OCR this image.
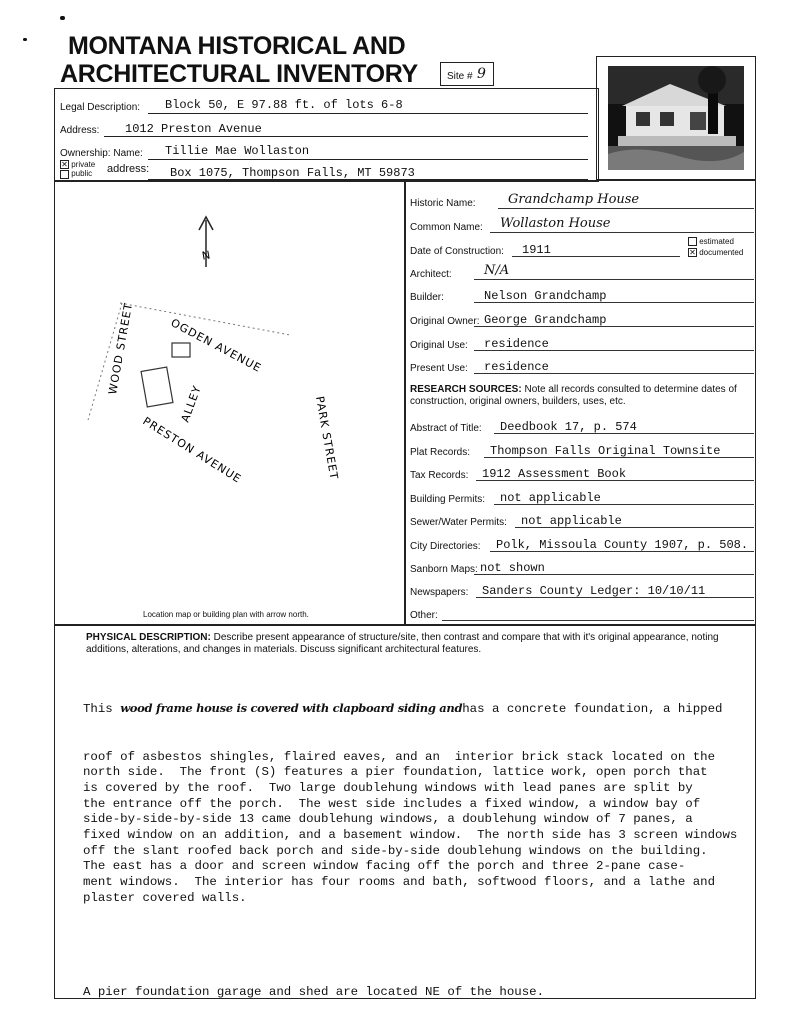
MONTANA HISTORICAL AND
ARCHITECTURAL INVENTORY	Site # 9
Legal Description: Block 50, E 97.88 ft. of lots 6-8
Address: 1012 Preston Avenue
Ownership: Name: Tillie Mae Wollaston
✕ private
public address: Box 1075, Thompson Falls, MT 59873
N
WOOD STREET	OGDEN AVENUE
ALLEY
PRESTON AVENUE	PARK STREET
Location map or building plan with arrow north.
Historic Name: Grandchamp House
Common Name: Wollaston House
Date of Construction: 1911
Architect: N/A
Builder:	Nelson Grandchamp
Original Owner: George Grandchamp
Original Use: residence
Present Use: residence
estimated
✕ documented
RESEARCH SOURCES: Note all records consulted to determine dates of construction, original owners, builders, uses, etc.
Abstract of Title: Deedbook 17, p. 574
Plat Records: Thompson Falls Original Townsite
Tax Records: 1912 Assessment Book
Building Permits: not applicable
Sewer/Water Permits: not applicable
City Directories: Polk, Missoula County 1907, p. 508.
Sanborn Maps: not shown
Newspapers: Sanders County Ledger: 10/10/11
Other:
PHYSICAL DESCRIPTION: Describe present appearance of structure/site, then contrast and compare that with it's original appearance, noting additions, alterations, and changes in materials. Discuss significant architectural features.

This wood frame house is covered with clapboard siding andhas a concrete foundation, a hipped

roof of asbestos shingles, flaired eaves, and an  interior brick stack located on the
north side.  The front (S) features a pier foundation, lattice work, open porch that
is covered by the roof.  Two large doublehung windows with lead panes are split by
the entrance off the porch.  The west side includes a fixed window, a window bay of
side-by-side-by-side 13 came doublehung windows, a doublehung window of 7 panes, a
fixed window on an addition, and a basement window.  The north side has 3 screen windows
off the slant roofed back porch and side-by-side doublehung windows on the building.
The east has a door and screen window facing off the porch and three 2-pane case-
ment windows.  The interior has four rooms and bath, softwood floors, and a lathe and
plaster covered walls.

A pier foundation garage and shed are located NE of the house.
